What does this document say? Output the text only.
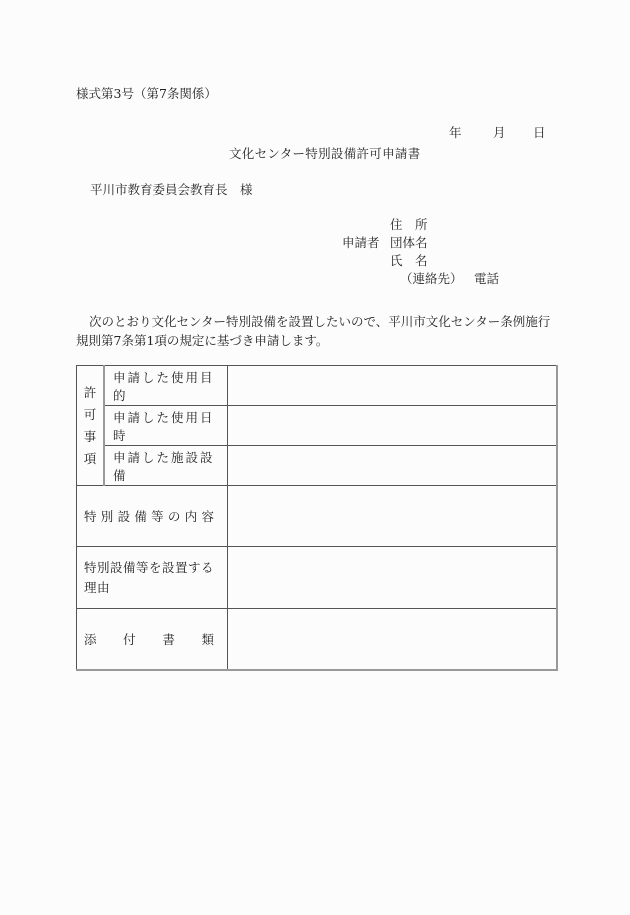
様式第3号（第7条関係）
年	月 日
文化センター特別設備許可申請書
平川市教育委員会教育長　様
住　所
申請者 団体名
氏　名
（連絡先） 電話
次のとおり文化センター特別設備を設置したいので、平川市文化センター条例施行規則第7条第1項の規定に基づき申請します。
許
可
事
項	申請した使用目的	
	申請した使用日時	
	申請した施設設備	

特 別 設 備 等 の 内 容

特別設備等を設置する理由		

添 付 書 類		
